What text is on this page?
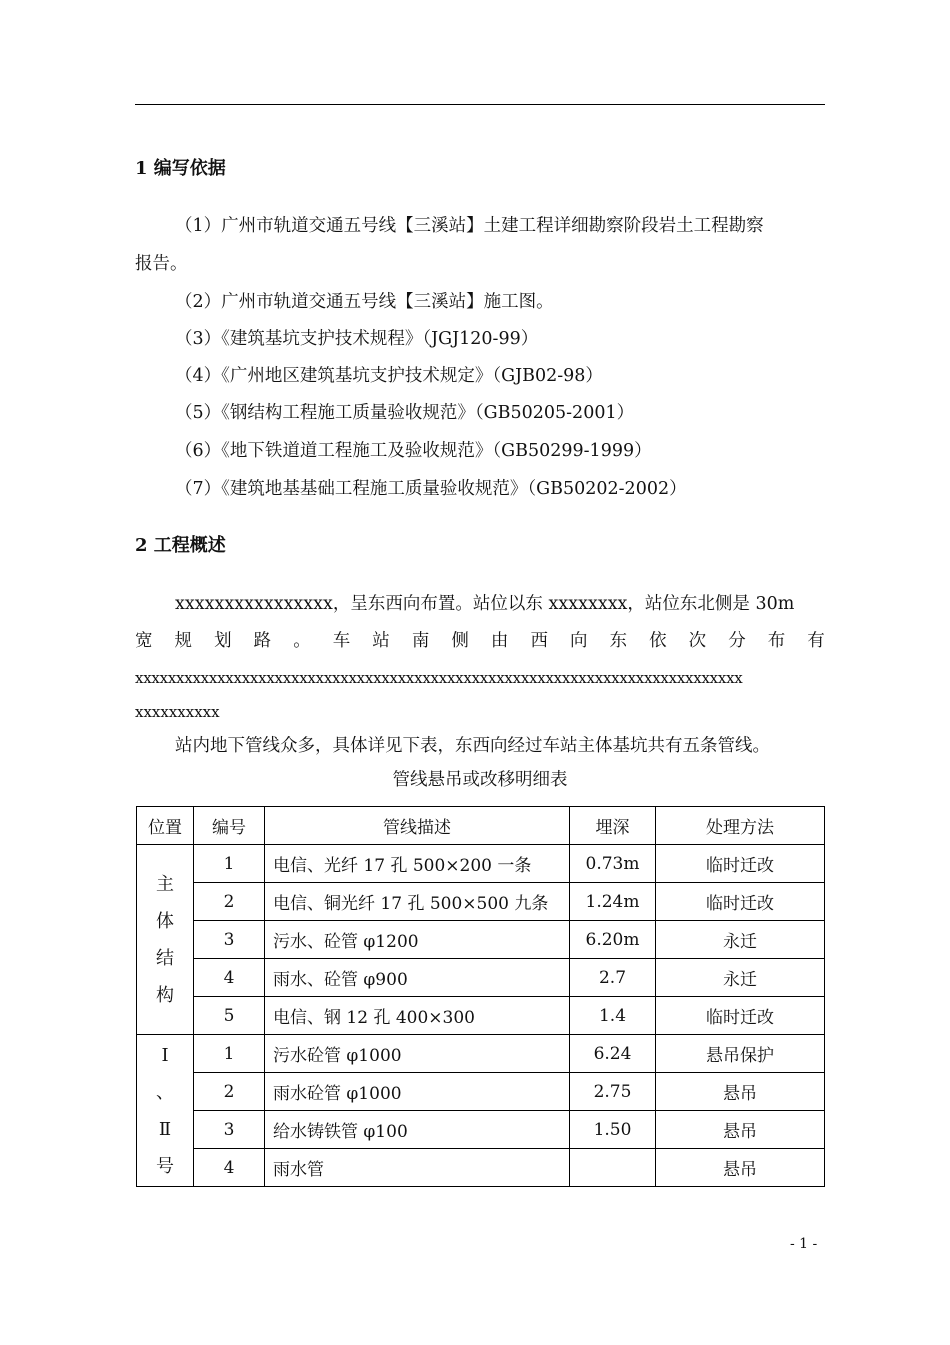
1 编写依据
（1）广州市轨道交通五号线【三溪站】土建工程详细勘察阶段岩土工程勘察
报告。
（2）广州市轨道交通五号线【三溪站】施工图。
（3）《建筑基坑支护技术规程》（JGJ120-99）
（4）《广州地区建筑基坑支护技术规定》（GJB02-98）
（5）《钢结构工程施工质量验收规范》（GB50205-2001）
（6）《地下铁道道工程施工及验收规范》（GB50299-1999）
（7）《建筑地基基础工程施工质量验收规范》（GB50202-2002）
2 工程概述
xxxxxxxxxxxxxxxx，呈东西向布置。站位以东 xxxxxxxx，站位东北侧是 30m
宽 规 划 路 。 车 站 南 侧 由 西 向 东 依 次 分 布 有
xxxxxxxxxxxxxxxxxxxxxxxxxxxxxxxxxxxxxxxxxxxxxxxxxxxxxxxxxxxxxxxxxxxxxxxxxx
xxxxxxxxxx
站内地下管线众多，具体详见下表，东西向经过车站主体基坑共有五条管线。
管线悬吊或改移明细表
位置	编号	管线描述	埋深	处理方法

主
体
结
构	1	电信、光纤 17 孔 500×200 一条	0.73m	临时迁改
	2	电信、铜光纤 17 孔 500×500 九条	1.24m	临时迁改
	3	污水、砼管 φ1200	6.20m	永迁
	4	雨水、砼管 φ900	2.7	永迁
	5	电信、钢 12 孔 400×300	1.4	临时迁改

Ⅰ
、
Ⅱ
号	1	污水砼管 φ1000	6.24	悬吊保护
	2	雨水砼管 φ1000	2.75	悬吊
	3	给水铸铁管 φ100	1.50	悬吊
	4	雨水管		悬吊
- 1 -
